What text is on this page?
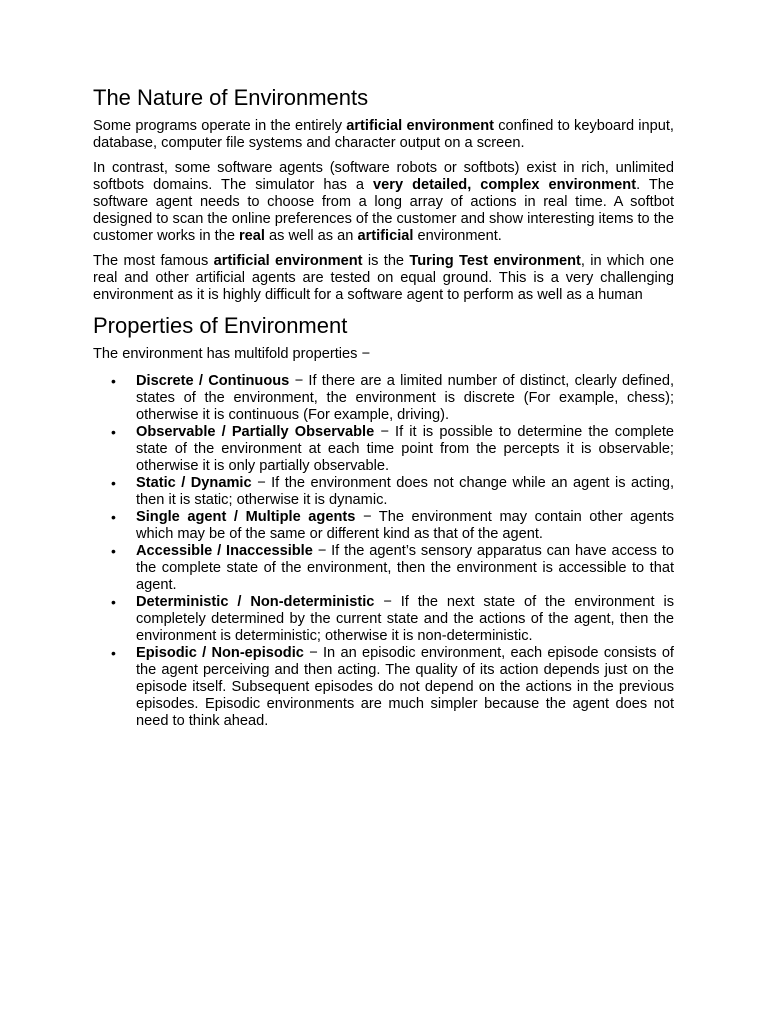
The Nature of Environments

Some programs operate in the entirely artificial environment confined to keyboard input, database, computer file systems and character output on a screen.

In contrast, some software agents (software robots or softbots) exist in rich, unlimited softbots domains. The simulator has a very detailed, complex environment. The software agent needs to choose from a long array of actions in real time. A softbot designed to scan the online preferences of the customer and show interesting items to the customer works in the real as well as an artificial environment.

The most famous artificial environment is the Turing Test environment, in which one real and other artificial agents are tested on equal ground. This is a very challenging environment as it is highly difficult for a software agent to perform as well as a human

Properties of Environment

The environment has multifold properties −

• Discrete / Continuous − If there are a limited number of distinct, clearly defined, states of the environment, the environment is discrete (For example, chess); otherwise it is continuous (For example, driving).
• Observable / Partially Observable − If it is possible to determine the complete state of the environment at each time point from the percepts it is observable; otherwise it is only partially observable.
• Static / Dynamic − If the environment does not change while an agent is acting, then it is static; otherwise it is dynamic.
• Single agent / Multiple agents − The environment may contain other agents which may be of the same or different kind as that of the agent.
• Accessible / Inaccessible − If the agent’s sensory apparatus can have access to the complete state of the environment, then the environment is accessible to that agent.
• Deterministic / Non-deterministic − If the next state of the environment is completely determined by the current state and the actions of the agent, then the environment is deterministic; otherwise it is non-deterministic.
• Episodic / Non-episodic − In an episodic environment, each episode consists of the agent perceiving and then acting. The quality of its action depends just on the episode itself. Subsequent episodes do not depend on the actions in the previous episodes. Episodic environments are much simpler because the agent does not need to think ahead.
